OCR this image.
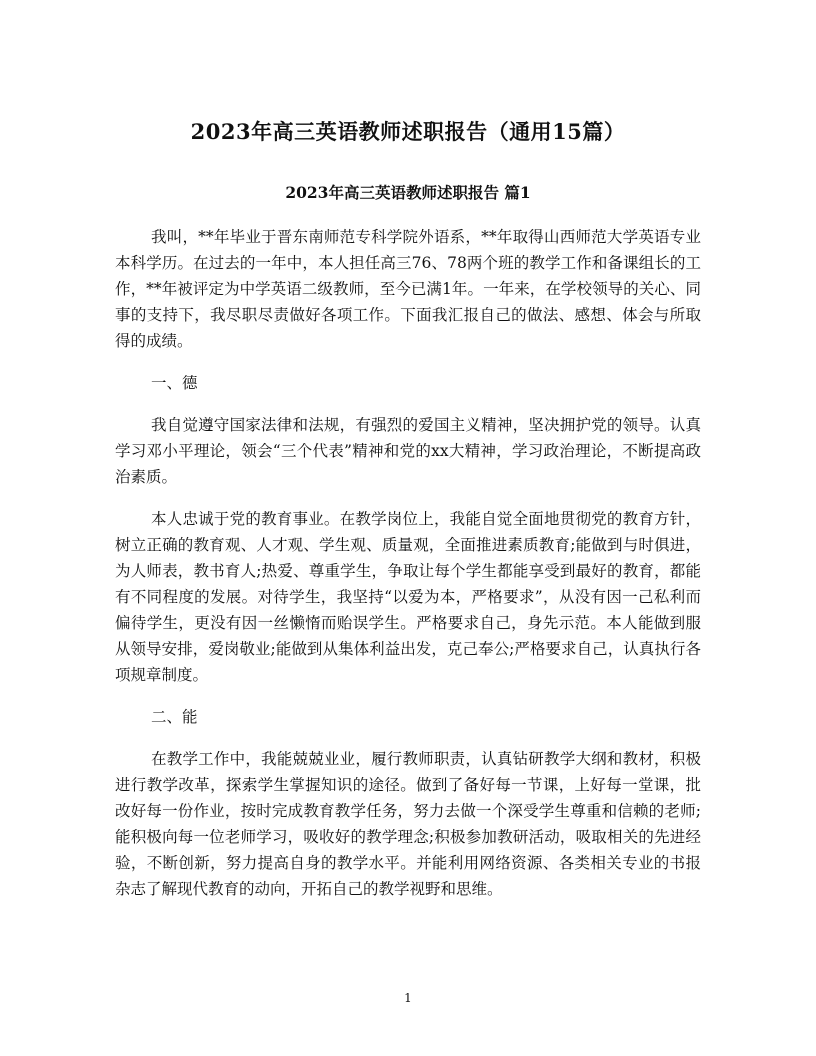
2023年高三英语教师述职报告（通用15篇）
2023年高三英语教师述职报告 篇1

我叫，**年毕业于晋东南师范专科学院外语系，**年取得山西师范大学英语专业本科学历。在过去的一年中，本人担任高三76、78两个班的教学工作和备课组长的工作，**年被评定为中学英语二级教师，至今已满1年。一年来，在学校领导的关心、同事的支持下，我尽职尽责做好各项工作。下面我汇报自己的做法、感想、体会与所取得的成绩。

一、德

我自觉遵守国家法律和法规，有强烈的爱国主义精神，坚决拥护党的领导。认真学习邓小平理论，领会“三个代表”精神和党的xx大精神，学习政治理论，不断提高政治素质。

本人忠诚于党的教育事业。在教学岗位上，我能自觉全面地贯彻党的教育方针，树立正确的教育观、人才观、学生观、质量观，全面推进素质教育;能做到与时俱进，为人师表，教书育人;热爱、尊重学生，争取让每个学生都能享受到最好的教育，都能有不同程度的发展。对待学生，我坚持“以爱为本，严格要求”，从没有因一己私利而偏待学生，更没有因一丝懒惰而贻误学生。严格要求自己，身先示范。本人能做到服从领导安排，爱岗敬业;能做到从集体利益出发，克己奉公;严格要求自己，认真执行各项规章制度。

二、能

在教学工作中，我能兢兢业业，履行教师职责，认真钻研教学大纲和教材，积极进行教学改革，探索学生掌握知识的途径。做到了备好每一节课，上好每一堂课，批改好每一份作业，按时完成教育教学任务，努力去做一个深受学生尊重和信赖的老师;能积极向每一位老师学习，吸收好的教学理念;积极参加教研活动，吸取相关的先进经验，不断创新，努力提高自身的教学水平。并能利用网络资源、各类相关专业的书报杂志了解现代教育的动向，开拓自己的教学视野和思维。

1
